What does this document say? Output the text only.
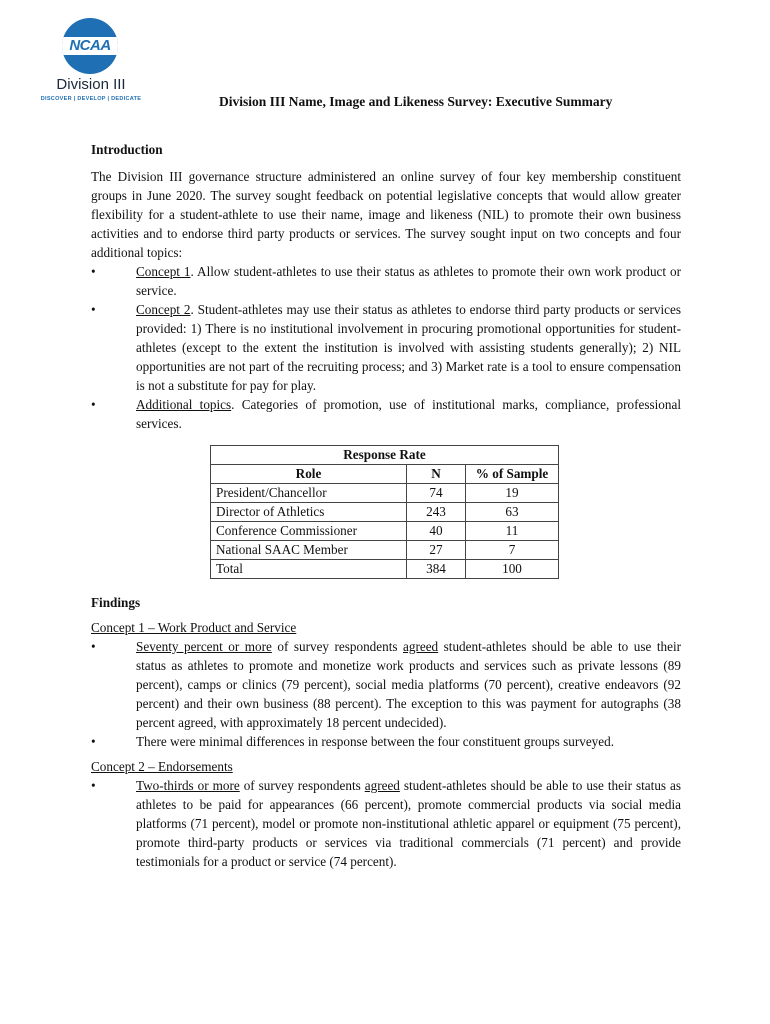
NCAA
Division III
DISCOVER | DEVELOP | DEDICATE	Division III Name, Image and Likeness Survey: Executive Summary

Introduction

The Division III governance structure administered an online survey of four key membership constituent groups in June 2020. The survey sought feedback on potential legislative concepts that would allow greater flexibility for a student-athlete to use their name, image and likeness (NIL) to promote their own business activities and to endorse third party products or services. The survey sought input on two concepts and four additional topics:

•	Concept 1. Allow student-athletes to use their status as athletes to promote their own work product or service.
•	Concept 2. Student-athletes may use their status as athletes to endorse third party products or services provided: 1) There is no institutional involvement in procuring promotional opportunities for student-athletes (except to the extent the institution is involved with assisting students generally); 2) NIL opportunities are not part of the recruiting process; and 3) Market rate is a tool to ensure compensation is not a substitute for pay for play.
•	Additional topics. Categories of promotion, use of institutional marks, compliance, professional services.
Response Rate		
Role	N	% of Sample
President/Chancellor	74	19
Director of Athletics	243	63
Conference Commissioner	40	11
National SAAC Member	27	7
Total	384	100

Findings

Concept 1 – Work Product and Service

•	Seventy percent or more of survey respondents agreed student-athletes should be able to use their status as athletes to promote and monetize work products and services such as private lessons (89 percent), camps or clinics (79 percent), social media platforms (70 percent), creative endeavors (92 percent) and their own business (88 percent). The exception to this was payment for autographs (38 percent agreed, with approximately 18 percent undecided).
•	There were minimal differences in response between the four constituent groups surveyed.

Concept 2 – Endorsements

•	Two-thirds or more of survey respondents agreed student-athletes should be able to use their status as athletes to be paid for appearances (66 percent), promote commercial products via social media platforms (71 percent), model or promote non-institutional athletic apparel or equipment (75 percent), promote third-party products or services via traditional commercials (71 percent) and provide testimonials for a product or service (74 percent).
